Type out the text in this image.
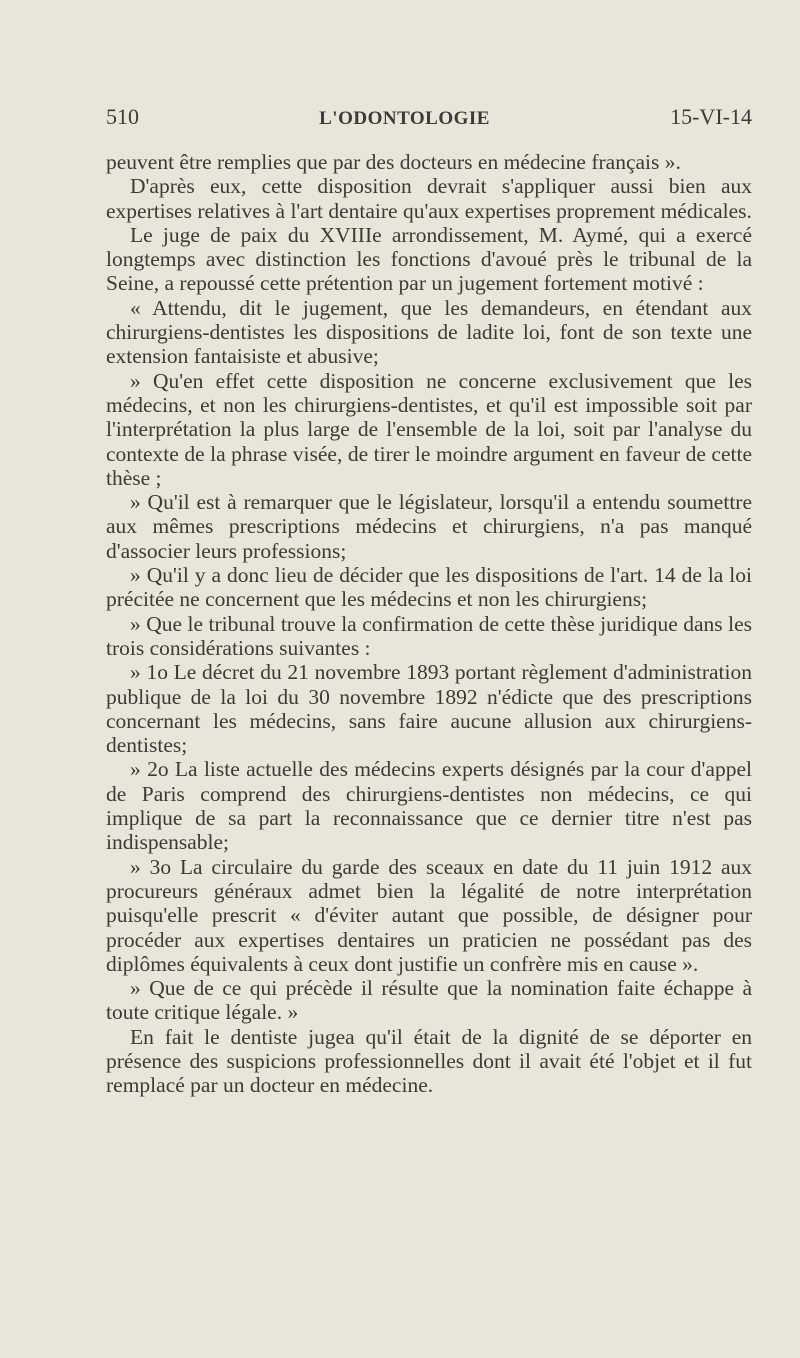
510	L'ODONTOLOGIE	15-VI-14

peuvent être remplies que par des docteurs en médecine français ».

D'après eux, cette disposition devrait s'appliquer aussi bien aux expertises relatives à l'art dentaire qu'aux expertises proprement médicales.

Le juge de paix du XVIIIe arrondissement, M. Aymé, qui a exercé longtemps avec distinction les fonctions d'avoué près le tribunal de la Seine, a repoussé cette prétention par un jugement fortement motivé :

« Attendu, dit le jugement, que les demandeurs, en étendant aux chirurgiens-dentistes les dispositions de ladite loi, font de son texte une extension fantaisiste et abusive;

» Qu'en effet cette disposition ne concerne exclusivement que les médecins, et non les chirurgiens-dentistes, et qu'il est impossible soit par l'interprétation la plus large de l'ensemble de la loi, soit par l'analyse du contexte de la phrase visée, de tirer le moindre argument en faveur de cette thèse ;

» Qu'il est à remarquer que le législateur, lorsqu'il a entendu soumettre aux mêmes prescriptions médecins et chirurgiens, n'a pas manqué d'associer leurs professions;

» Qu'il y a donc lieu de décider que les dispositions de l'art. 14 de la loi précitée ne concernent que les médecins et non les chirurgiens;

» Que le tribunal trouve la confirmation de cette thèse juridique dans les trois considérations suivantes :

» 1o Le décret du 21 novembre 1893 portant règlement d'administration publique de la loi du 30 novembre 1892 n'édicte que des prescriptions concernant les médecins, sans faire aucune allusion aux chirurgiens-dentistes;

» 2o La liste actuelle des médecins experts désignés par la cour d'appel de Paris comprend des chirurgiens-dentistes non médecins, ce qui implique de sa part la reconnaissance que ce dernier titre n'est pas indispensable;

» 3o La circulaire du garde des sceaux en date du 11 juin 1912 aux procureurs généraux admet bien la légalité de notre interprétation puisqu'elle prescrit « d'éviter autant que possible, de désigner pour procéder aux expertises dentaires un praticien ne possédant pas des diplômes équivalents à ceux dont justifie un confrère mis en cause ».

» Que de ce qui précède il résulte que la nomination faite échappe à toute critique légale. »

En fait le dentiste jugea qu'il était de la dignité de se déporter en présence des suspicions professionnelles dont il avait été l'objet et il fut remplacé par un docteur en médecine.
